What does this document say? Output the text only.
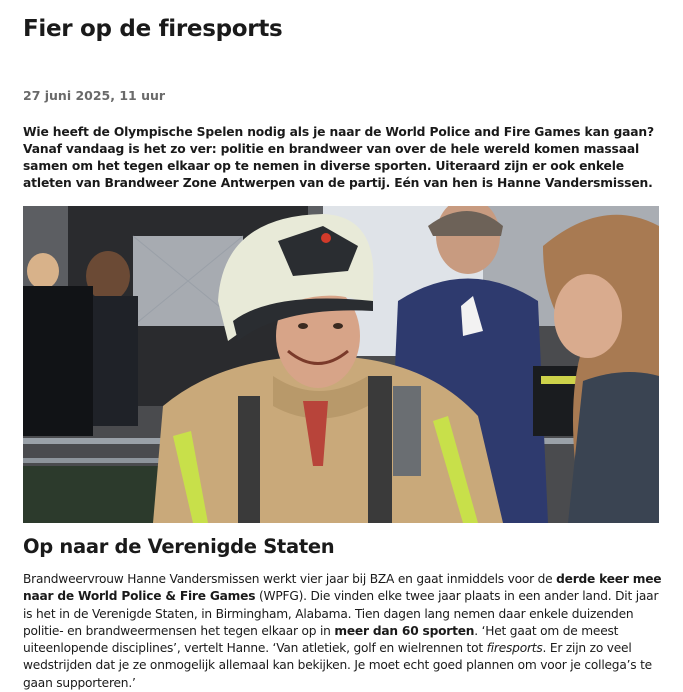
Fier op de firesports
27 juni 2025, 11 uur

Wie heeft de Olympische Spelen nodig als je naar de World Police and Fire Games kan gaan? Vanaf vandaag is het zo ver: politie en brandweer van over de hele wereld komen massaal samen om het tegen elkaar op te nemen in diverse sporten. Uiteraard zijn er ook enkele atleten van Brandweer Zone Antwerpen van de partij. Eén van hen is Hanne Vandersmissen.

Op naar de Verenigde Staten

Brandweervrouw Hanne Vandersmissen werkt vier jaar bij BZA en gaat inmiddels voor de derde keer mee naar de World Police & Fire Games (WPFG). Die vinden elke twee jaar plaats in een ander land. Dit jaar is het in de Verenigde Staten, in Birmingham, Alabama. Tien dagen lang nemen daar enkele duizenden politie- en brandweermensen het tegen elkaar op in meer dan 60 sporten. ‘Het gaat om de meest uiteenlopende disciplines’, vertelt Hanne. ‘Van atletiek, golf en wielrennen tot firesports. Er zijn zo veel wedstrijden dat je ze onmogelijk allemaal kan bekijken. Je moet echt goed plannen om voor je collega’s te gaan supporteren.’
